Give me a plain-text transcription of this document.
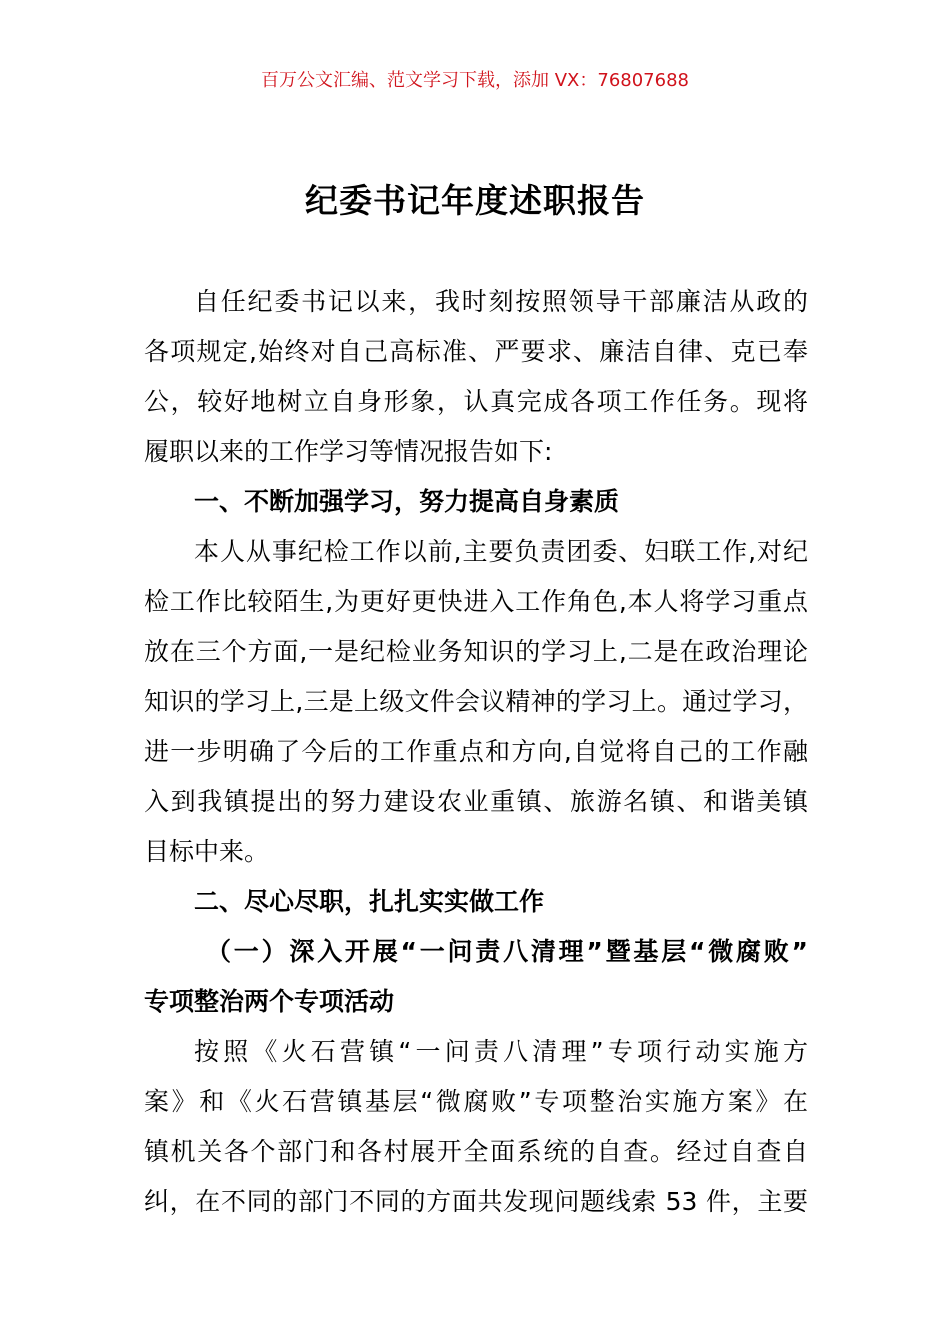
百万公文汇编、范文学习下载，添加 VX：76807688
纪委书记年度述职报告
自任纪委书记以来，我时刻按照领导干部廉洁从政的
各项规定,始终对自己高标准、严要求、廉洁自律、克已奉
公，较好地树立自身形象，认真完成各项工作任务。现将
履职以来的工作学习等情况报告如下:
一、不断加强学习，努力提高自身素质
本人从事纪检工作以前,主要负责团委、妇联工作,对纪
检工作比较陌生,为更好更快进入工作角色,本人将学习重点
放在三个方面,一是纪检业务知识的学习上,二是在政治理论
知识的学习上,三是上级文件会议精神的学习上。通过学习，
进一步明确了今后的工作重点和方向,自觉将自己的工作融
入到我镇提出的努力建设农业重镇、旅游名镇、和谐美镇
目标中来。
二、尽心尽职，扎扎实实做工作
（一）深入开展“一问责八清理”暨基层“微腐败”
专项整治两个专项活动
按照《火石营镇“一问责八清理”专项行动实施方
案》和《火石营镇基层“微腐败”专项整治实施方案》在
镇机关各个部门和各村展开全面系统的自查。经过自查自
纠，在不同的部门不同的方面共发现问题线索 53 件，主要
